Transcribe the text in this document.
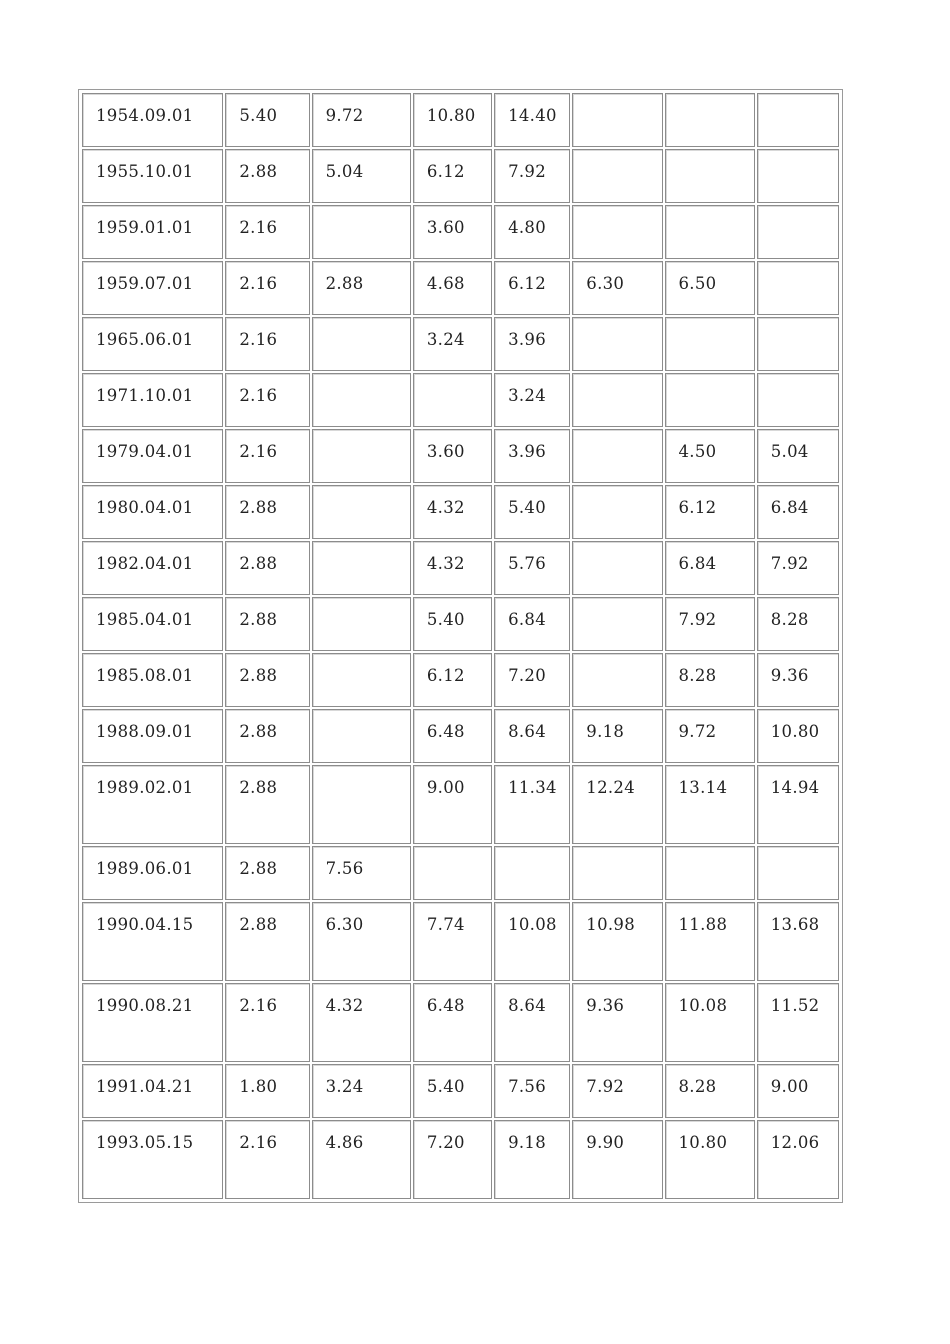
1954.09.01	5.40	9.72	10.80	14.40			
1955.10.01	2.88	5.04	6.12	7.92			
1959.01.01	2.16		3.60	4.80			
1959.07.01	2.16	2.88	4.68	6.12	6.30	6.50	
1965.06.01	2.16		3.24	3.96			
1971.10.01	2.16			3.24			
1979.04.01	2.16		3.60	3.96		4.50	5.04
1980.04.01	2.88		4.32	5.40		6.12	6.84
1982.04.01	2.88		4.32	5.76		6.84	7.92
1985.04.01	2.88		5.40	6.84		7.92	8.28
1985.08.01	2.88		6.12	7.20		8.28	9.36
1988.09.01	2.88		6.48	8.64	9.18	9.72	10.80
1989.02.01	2.88		9.00	11.34	12.24	13.14	14.94
1989.06.01	2.88	7.56					
1990.04.15	2.88	6.30	7.74	10.08	10.98	11.88	13.68
1990.08.21	2.16	4.32	6.48	8.64	9.36	10.08	11.52
1991.04.21	1.80	3.24	5.40	7.56	7.92	8.28	9.00
1993.05.15	2.16	4.86	7.20	9.18	9.90	10.80	12.06
